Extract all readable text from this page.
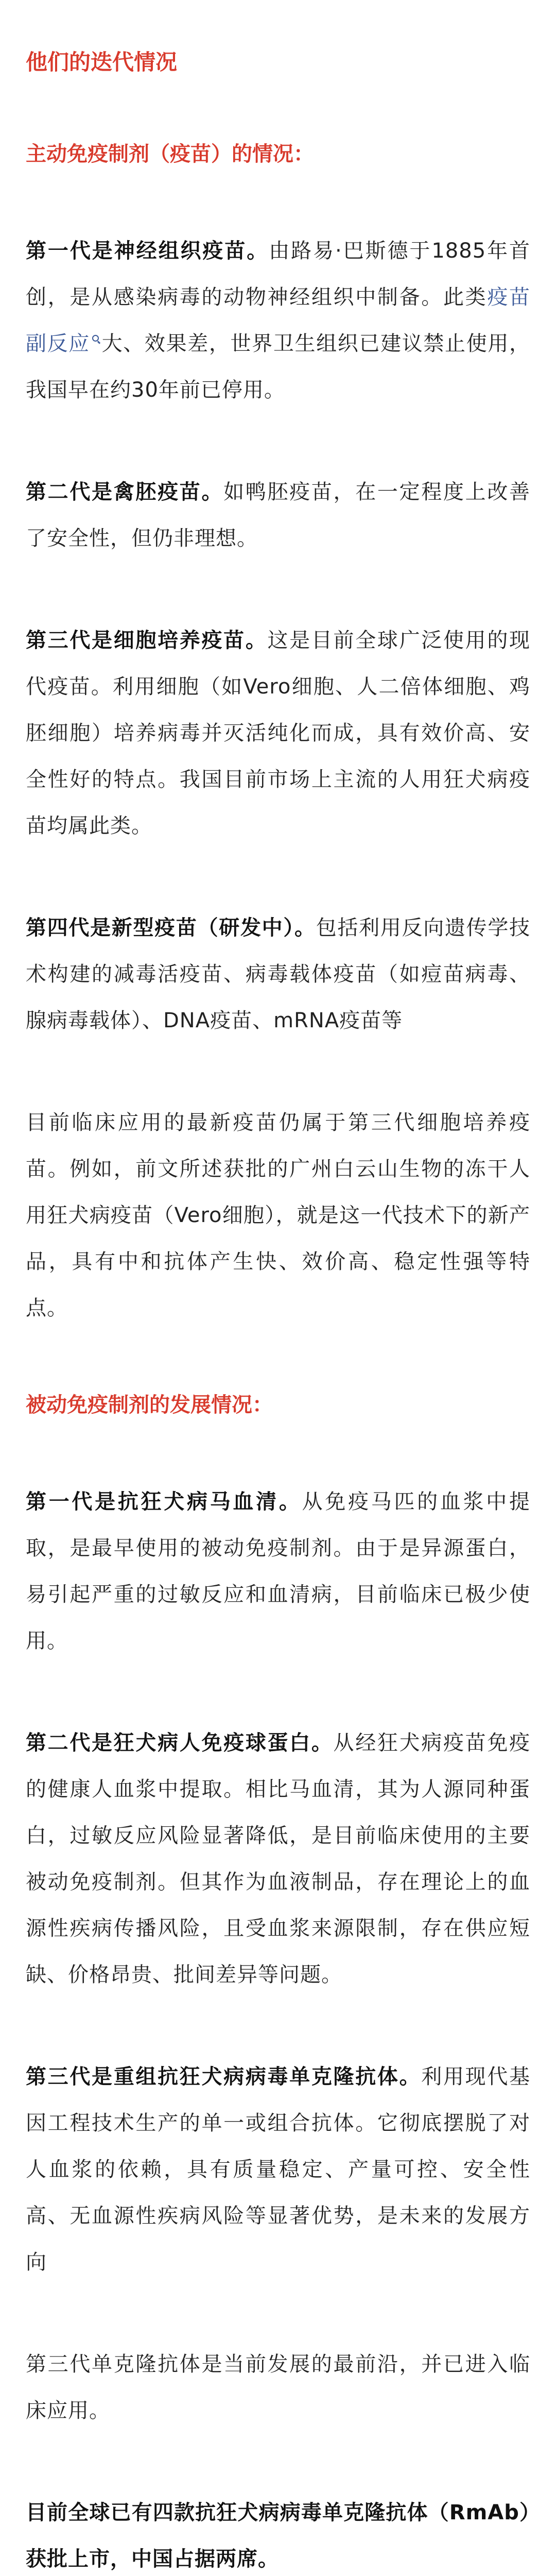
他们的迭代情况
主动免疫制剂（疫苗）的情况：

第一代是神经组织疫苗。由路易·巴斯德于1885年首创，是从感染病毒的动物神经组织中制备。此类疫苗副反应 大、效果差，世界卫生组织已建议禁止使用，我国早在约30年前已停用。

第二代是禽胚疫苗。如鸭胚疫苗，在一定程度上改善了安全性，但仍非理想。

第三代是细胞培养疫苗。这是目前全球广泛使用的现代疫苗。利用细胞（如Vero细胞、人二倍体细胞、鸡胚细胞）培养病毒并灭活纯化而成，具有效价高、安全性好的特点。我国目前市场上主流的人用狂犬病疫苗均属此类。

第四代是新型疫苗（研发中）。包括利用反向遗传学技术构建的减毒活疫苗、病毒载体疫苗（如痘苗病毒、腺病毒载体）、DNA疫苗、mRNA疫苗等

目前临床应用的最新疫苗仍属于第三代细胞培养疫苗。例如，前文所述获批的广州白云山生物的冻干人用狂犬病疫苗（Vero细胞），就是这一代技术下的新产品，具有中和抗体产生快、效价高、稳定性强等特点。

被动免疫制剂的发展情况：

第一代是抗狂犬病马血清。从免疫马匹的血浆中提取，是最早使用的被动免疫制剂。由于是异源蛋白，易引起严重的过敏反应和血清病，目前临床已极少使用。

第二代是狂犬病人免疫球蛋白。从经狂犬病疫苗免疫的健康人血浆中提取。相比马血清，其为人源同种蛋白，过敏反应风险显著降低，是目前临床使用的主要被动免疫制剂。但其作为血液制品，存在理论上的血源性疾病传播风险，且受血浆来源限制，存在供应短缺、价格昂贵、批间差异等问题。

第三代是重组抗狂犬病病毒单克隆抗体。利用现代基因工程技术生产的单一或组合抗体。它彻底摆脱了对人血浆的依赖，具有质量稳定、产量可控、安全性高、无血源性疾病风险等显著优势，是未来的发展方向

第三代单克隆抗体是当前发展的最前沿，并已进入临床应用。

目前全球已有四款抗狂犬病病毒单克隆抗体（RmAb）获批上市，中国占据两席。
